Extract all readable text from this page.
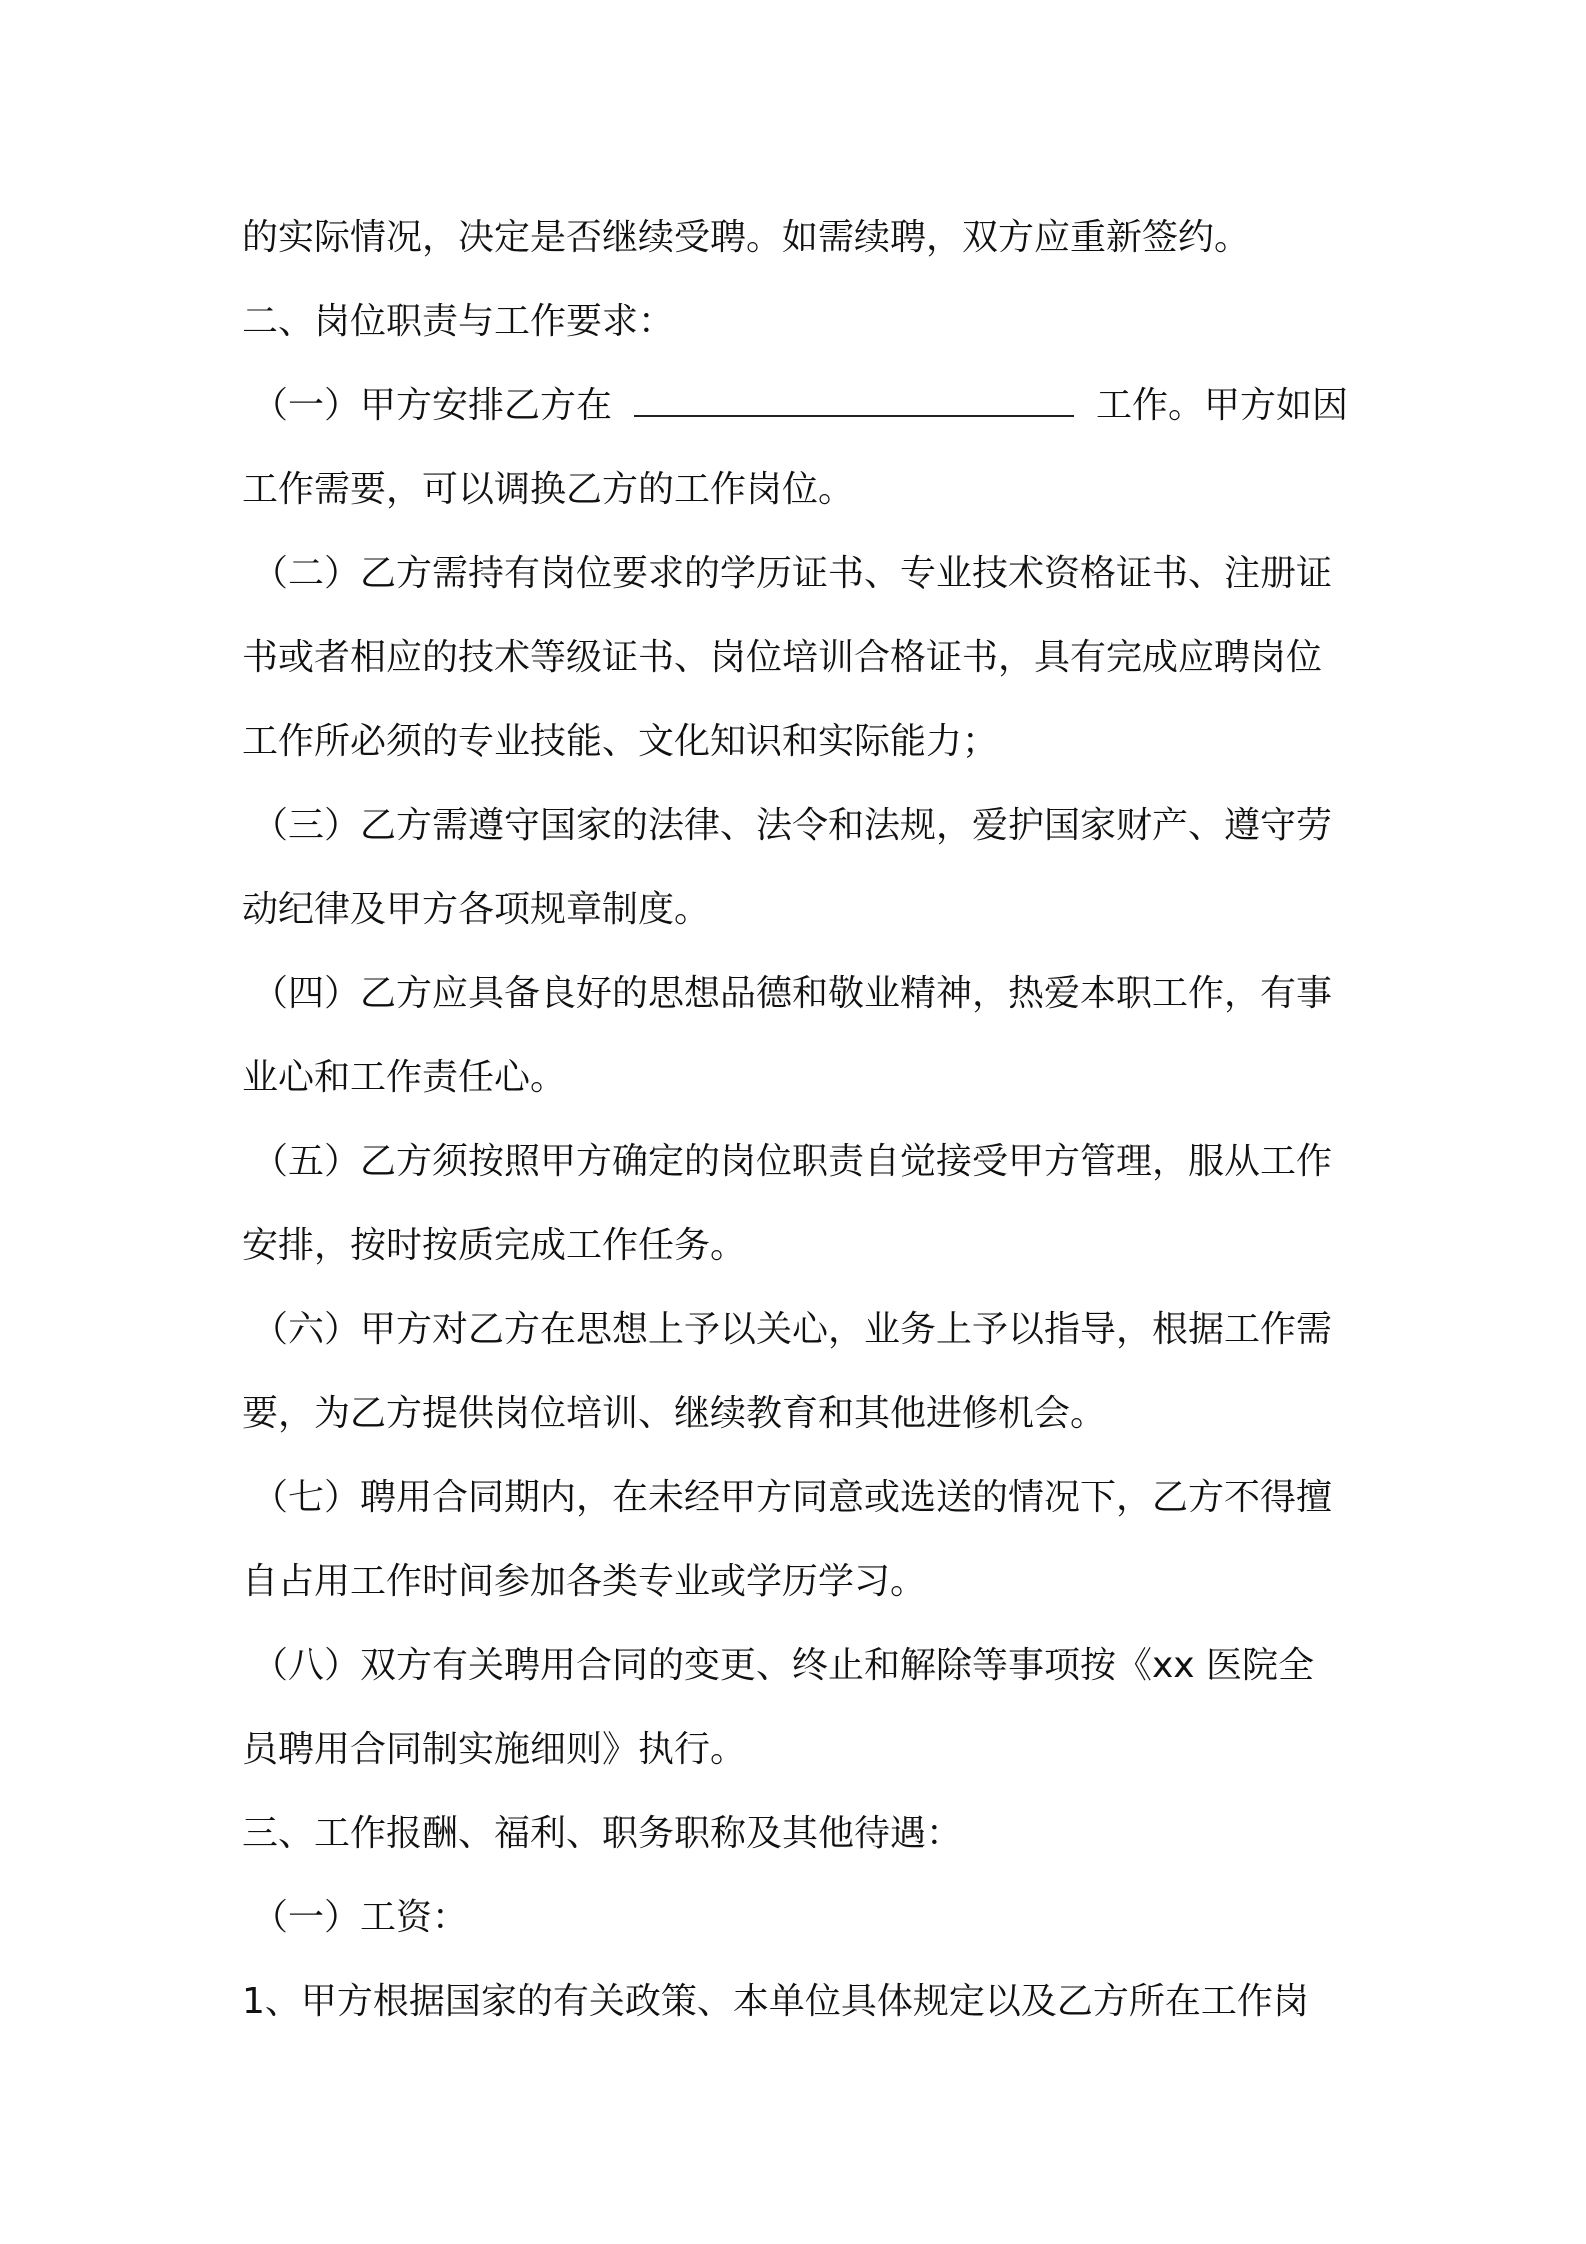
的实际情况，决定是否继续受聘。如需续聘，双方应重新签约。
二、岗位职责与工作要求：
（一）甲方安排乙方在	工作。甲方如因
工作需要，可以调换乙方的工作岗位。
（二）乙方需持有岗位要求的学历证书、专业技术资格证书、注册证
书或者相应的技术等级证书、岗位培训合格证书，具有完成应聘岗位
工作所必须的专业技能、文化知识和实际能力；
（三）乙方需遵守国家的法律、法令和法规，爱护国家财产、遵守劳
动纪律及甲方各项规章制度。
（四）乙方应具备良好的思想品德和敬业精神，热爱本职工作，有事
业心和工作责任心。
（五）乙方须按照甲方确定的岗位职责自觉接受甲方管理，服从工作
安排，按时按质完成工作任务。
（六）甲方对乙方在思想上予以关心，业务上予以指导，根据工作需
要，为乙方提供岗位培训、继续教育和其他进修机会。
（七）聘用合同期内，在未经甲方同意或选送的情况下，乙方不得擅
自占用工作时间参加各类专业或学历学习。
（八）双方有关聘用合同的变更、终止和解除等事项按《xx 医院全
员聘用合同制实施细则》执行。
三、工作报酬、福利、职务职称及其他待遇：
（一）工资：
1、甲方根据国家的有关政策、本单位具体规定以及乙方所在工作岗
